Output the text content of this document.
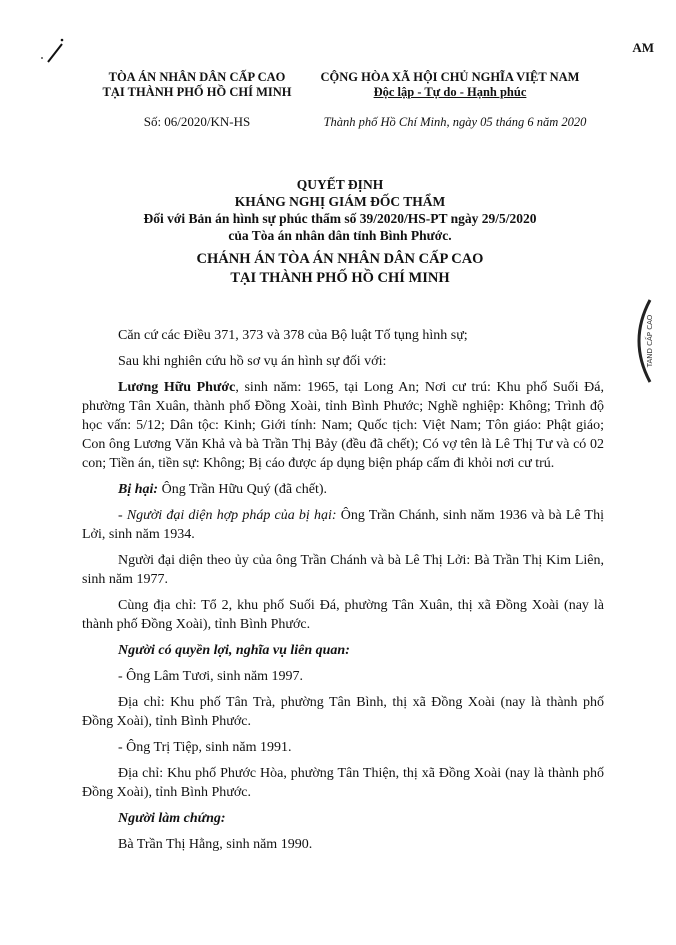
AM
TÒA ÁN NHÂN DÂN CẤP CAO
TẠI THÀNH PHỐ HỒ CHÍ MINH
CỘNG HÒA XÃ HỘI CHỦ NGHĨA VIỆT NAM
Độc lập - Tự do - Hạnh phúc
Số: 06/2020/KN-HS	Thành phố Hồ Chí Minh, ngày 05 tháng 6 năm 2020
QUYẾT ĐỊNH
KHÁNG NGHỊ GIÁM ĐỐC THẨM
Đối với Bản án hình sự phúc thẩm số 39/2020/HS-PT ngày 29/5/2020
của Tòa án nhân dân tỉnh Bình Phước.
CHÁNH ÁN TÒA ÁN NHÂN DÂN CẤP CAO
TẠI THÀNH PHỐ HỒ CHÍ MINH
TAND CẤP CAO

Căn cứ các Điều 371, 373 và 378 của Bộ luật Tố tụng hình sự;

Sau khi nghiên cứu hồ sơ vụ án hình sự đối với:

Lương Hữu Phước, sinh năm: 1965, tại Long An; Nơi cư trú: Khu phố Suối Đá, phường Tân Xuân, thành phố Đồng Xoài, tỉnh Bình Phước; Nghề nghiệp: Không; Trình độ học vấn: 5/12; Dân tộc: Kinh; Giới tính: Nam; Quốc tịch: Việt Nam; Tôn giáo: Phật giáo; Con ông Lương Văn Khả và bà Trần Thị Bảy (đều đã chết); Có vợ tên là Lê Thị Tư và có 02 con; Tiền án, tiền sự: Không; Bị cáo được áp dụng biện pháp cấm đi khỏi nơi cư trú.

Bị hại: Ông Trần Hữu Quý (đã chết).

- Người đại diện hợp pháp của bị hại: Ông Trần Chánh, sinh năm 1936 và bà Lê Thị Lởi, sinh năm 1934.

Người đại diện theo ủy của ông Trần Chánh và bà Lê Thị Lởi: Bà Trần Thị Kim Liên, sinh năm 1977.

Cùng địa chỉ: Tổ 2, khu phố Suối Đá, phường Tân Xuân, thị xã Đồng Xoài (nay là thành phố Đồng Xoài), tỉnh Bình Phước.

Người có quyền lợi, nghĩa vụ liên quan:

- Ông Lâm Tươi, sinh năm 1997.

Địa chỉ: Khu phố Tân Trà, phường Tân Bình, thị xã Đồng Xoài (nay là thành phố Đồng Xoài), tỉnh Bình Phước.

- Ông Trị Tiệp, sinh năm 1991.

Địa chỉ: Khu phố Phước Hòa, phường Tân Thiện, thị xã Đồng Xoài (nay là thành phố Đồng Xoài), tỉnh Bình Phước.

Người làm chứng:

Bà Trần Thị Hằng, sinh năm 1990.
